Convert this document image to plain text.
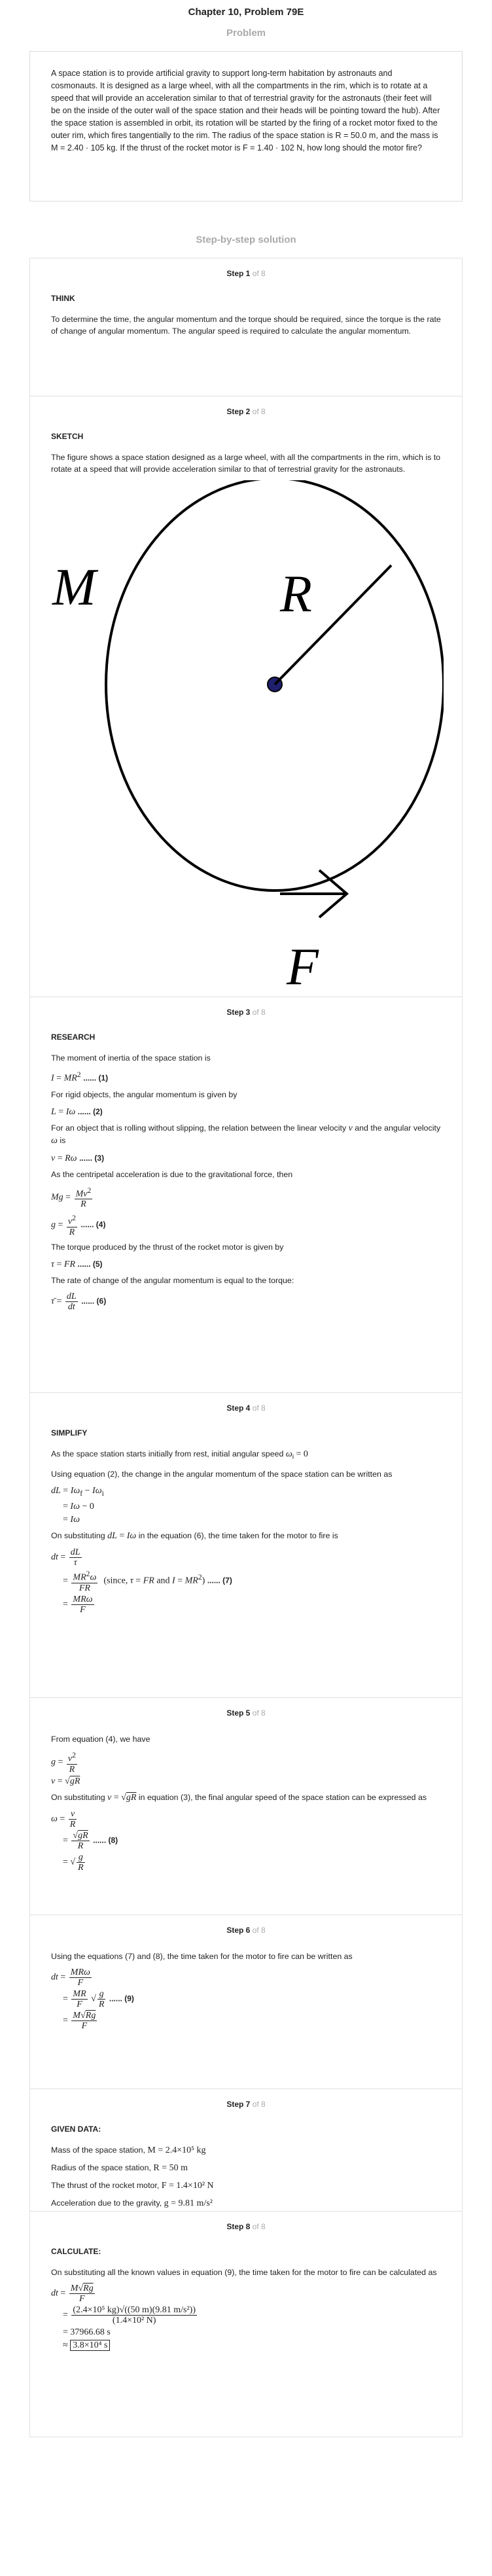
Chapter 10, Problem 79E
Problem
A space station is to provide artificial gravity to support long-term habitation by astronauts and cosmonauts. It is designed as a large wheel, with all the compartments in the rim, which is to rotate at a speed that will provide an acceleration similar to that of terrestrial gravity for the astronauts (their feet will be on the inside of the outer wall of the space station and their heads will be pointing toward the hub). After the space station is assembled in orbit, its rotation will be started by the firing of a rocket motor fixed to the outer rim, which fires tangentially to the rim. The radius of the space station is R = 50.0 m, and the mass is M = 2.40 · 105 kg. If the thrust of the rocket motor is F = 1.40 · 102 N, how long should the motor fire?
Step-by-step solution
Step 1 of 8
THINK
To determine the time, the angular momentum and the torque should be required, since the torque is the rate of change of angular momentum. The angular speed is required to calculate the angular momentum.
Step 2 of 8
SKETCH
The figure shows a space station designed as a large wheel, with all the compartments in the rim, which is to rotate at a speed that will provide acceleration similar to that of terrestrial gravity for the astronauts.
M	R
F
Step 3 of 8
RESEARCH
The moment of inertia of the space station is
$I = MR^2$ ...... (1)
For rigid objects, the angular momentum is given by
L = Iω ...... (2)
For an object that is rolling without slipping, the relation between the linear velocity v and the angular velocity ω is
v = Rω ...... (3)
As the centripetal acceleration is due to the gravitational force, then
$Mg = \frac{Mv^2}{R}$
$g = \frac{v^2}{R}$ ...... (4)
The torque produced by the thrust of the rocket motor is given by
τ = FR ...... (5)
The rate of change of the angular momentum is equal to the torque:
τ̄ = $\frac{dL}{dt}$ ...... (6)
Step 4 of 8
SIMPLIFY
As the space station starts initially from rest, initial angular speed $\omega_i = 0$
Using equation (2), the change in the angular momentum of the space station can be written as
dL = $I\omega_f - I\omega_i$
= Iω − 0
= Iω
On substituting dL = Iω in the equation (6), the time taken for the motor to fire is
dt = $\frac{dL}{\tau}$
= $\frac{MR^2\omega}{FR}$ (since, τ = FR and $I = MR^2$) ...... (7)
= $\frac{\text{MRω}}{F}$
Step 5 of 8
From equation (4), we have
$g = \frac{v^2}{R}$
v = √gR
On substituting v = √gR in equation (3), the final angular speed of the space station can be expressed as
$\omega = \frac{v}{R}$
= $\frac{√gR}{R}$ ...... (8)
= √ $\frac{g}{R}$
Step 6 of 8
Using the equations (7) and (8), the time taken for the motor to fire can be written as
dt = $\frac{\text{MRω}}{F}$
= $\frac{MR}{F}$ √ $\frac{g}{R}$ ...... (9)
= $\frac{M√Rg}{F}$
Step 7 of 8
GIVEN DATA:
Mass of the space station, M = 2.4×10⁵ kg
Radius of the space station, R = 50 m
The thrust of the rocket motor, F = 1.4×10² N
Acceleration due to the gravity, g = 9.81 m/s²
Step 8 of 8
CALCULATE:
On substituting all the known values in equation (9), the time taken for the motor to fire can be calculated as
dt = $\frac{M√Rg}{F}$
= $\frac{\text{(2.4×10⁵ kg)√((50 m)(9.81 m/s²))}}{\text{(1.4×10² N)}}$
= 37966.68 s
≈ 3.8×10⁴ s
